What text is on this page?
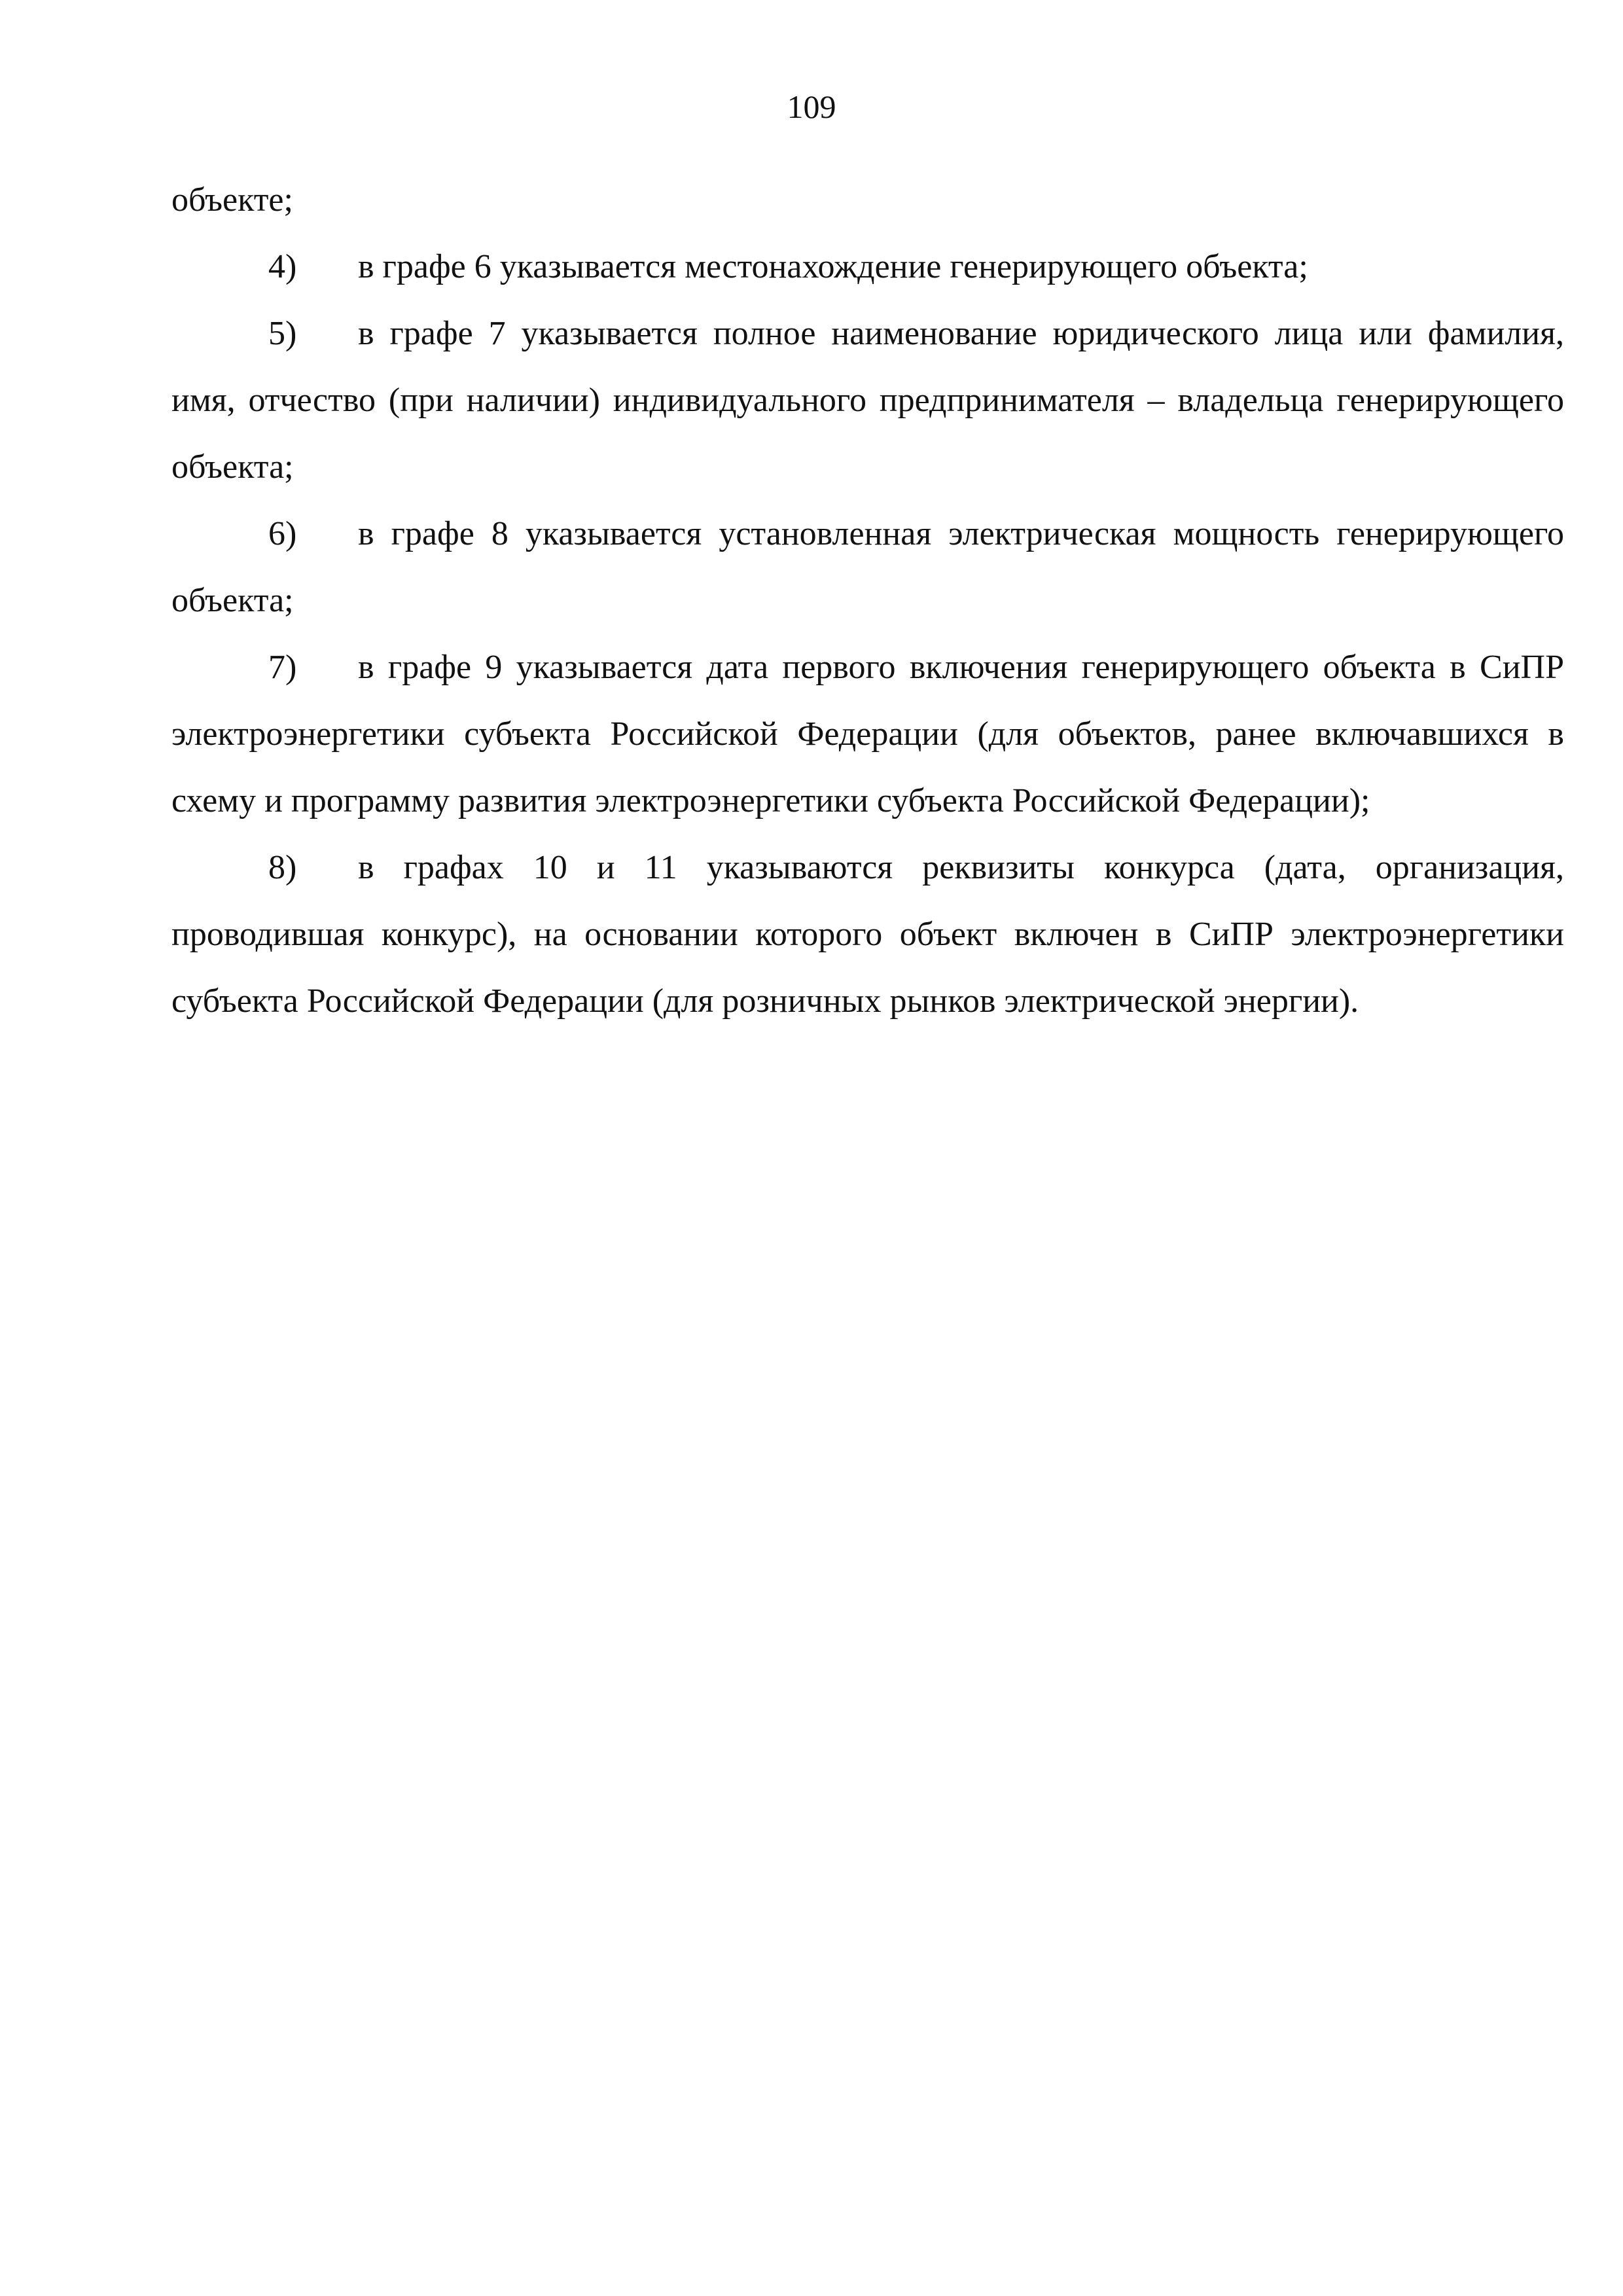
109

объекте;

4) в графе 6 указывается местонахождение генерирующего объекта;

5) в графе 7 указывается полное наименование юридического лица или фамилия, имя, отчество (при наличии) индивидуального предпринимателя – владельца генерирующего объекта;

6) в графе 8 указывается установленная электрическая мощность генерирующего объекта;

7) в графе 9 указывается дата первого включения генерирующего объекта в СиПР электроэнергетики субъекта Российской Федерации (для объектов, ранее включавшихся в схему и программу развития электроэнергетики субъекта Российской Федерации);

8) в графах 10 и 11 указываются реквизиты конкурса (дата, организация, проводившая конкурс), на основании которого объект включен в СиПР электроэнергетики субъекта Российской Федерации (для розничных рынков электрической энергии).
